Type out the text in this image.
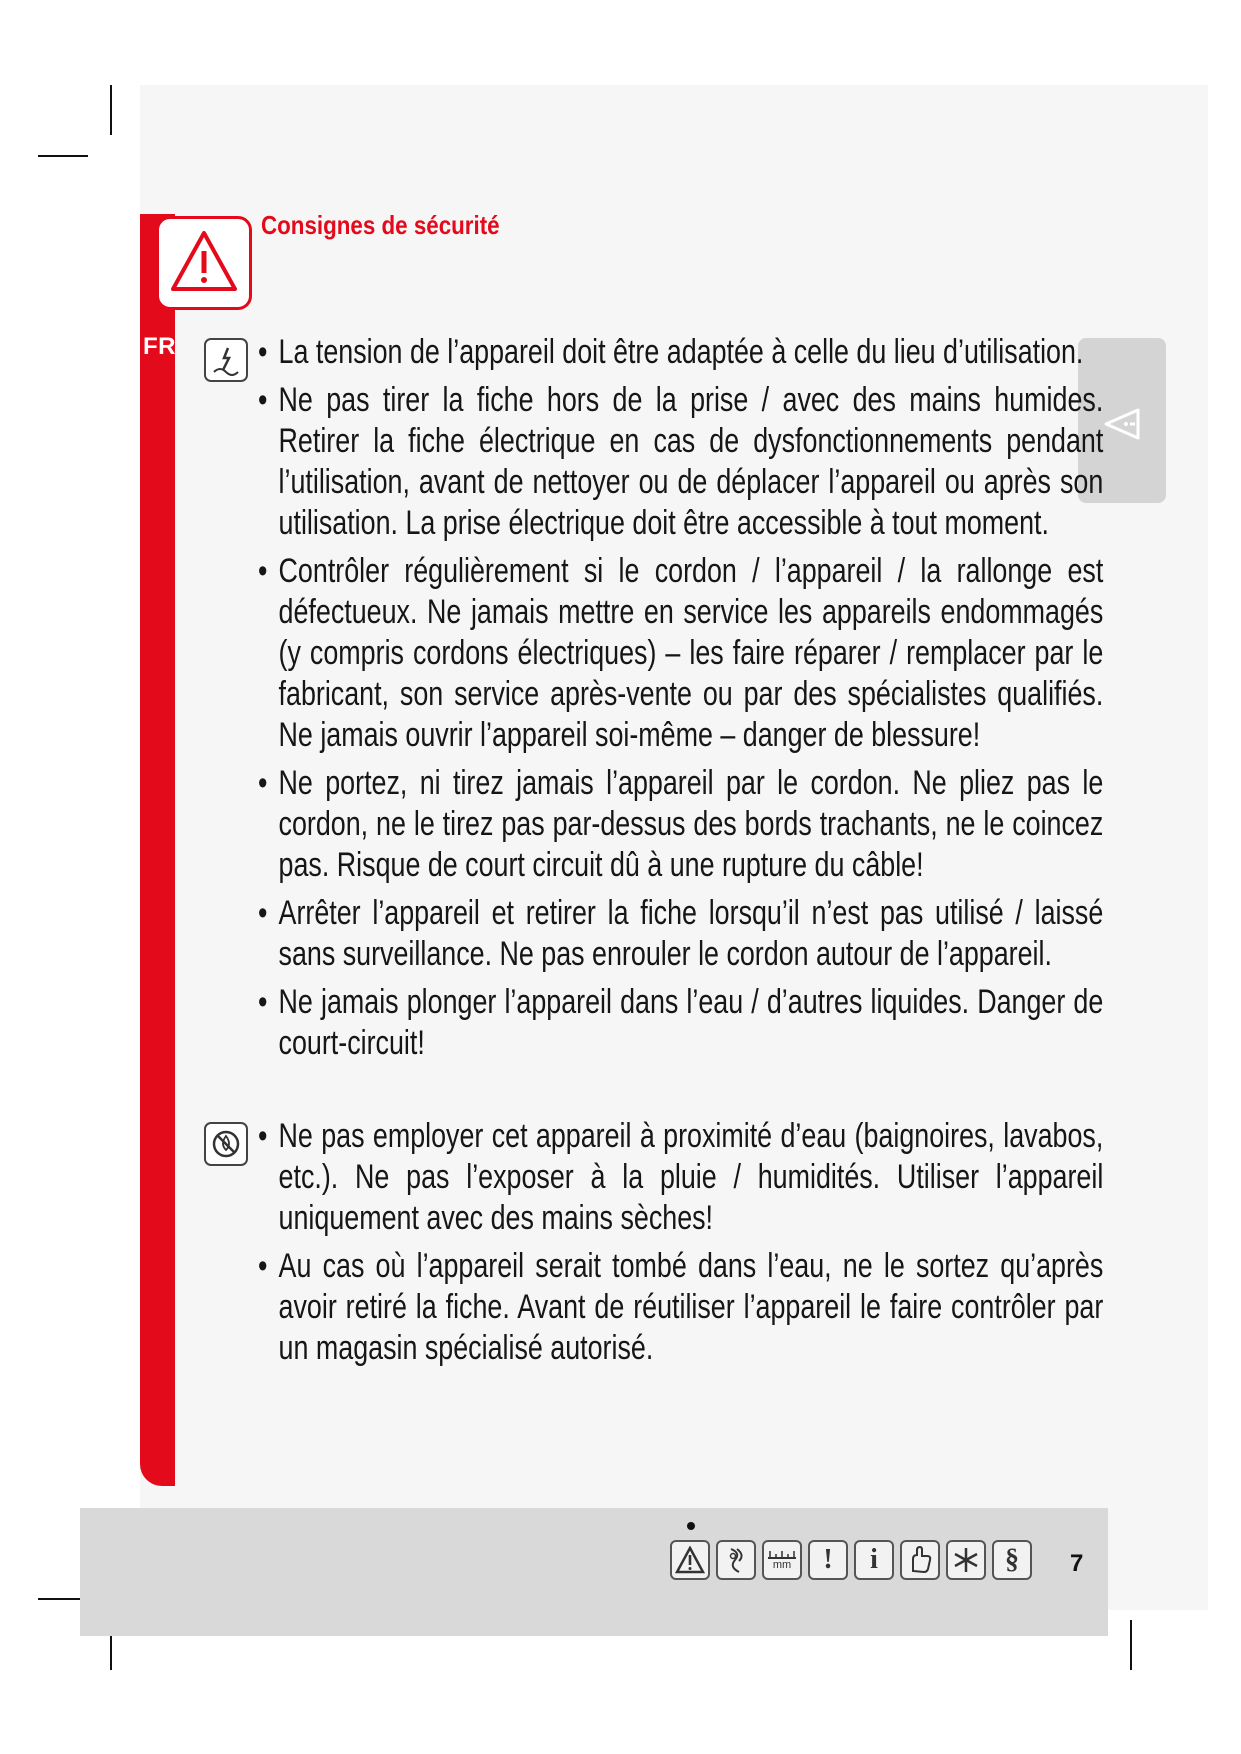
FR
Consignes de sécurité
• La tension de l’appareil doit être adaptée à celle du lieu d’utilisation.
• Ne pas tirer la fiche hors de la prise / avec des mains humides. Retirer la fiche électrique en cas de dysfonctionnements pendant l’utilisation, avant de nettoyer ou de déplacer l’appareil ou après son utilisation. La prise électrique doit être accessible à tout moment.
• Contrôler régulièrement si le cordon / l’appareil / la rallonge est défectueux. Ne jamais mettre en service les appareils endommagés (y compris cordons électriques) – les faire réparer / remplacer par le fabricant, son service après-vente ou par des spécialistes qualifiés. Ne jamais ouvrir l’appareil soi-même – danger de blessure!
• Ne portez, ni tirez jamais l’appareil par le cordon. Ne pliez pas le cordon, ne le tirez pas par-dessus des bords trachants, ne le coincez pas. Risque de court circuit dû à une rupture du câble!
• Arrêter l’appareil et retirer la fiche lorsqu’il n’est pas utilisé / laissé sans surveillance. Ne pas enrouler le cordon autour de l’appareil.
• Ne jamais plonger l’appareil dans l’eau / d’autres liquides. Danger de court-circuit!
• Ne pas employer cet appareil à proximité d’eau (baignoires, lavabos, etc.). Ne pas l’exposer à la pluie / humidités. Utiliser l’appareil uniquement avec des mains sèches!
• Au cas où l’appareil serait tombé dans l’eau, ne le sortez qu’après avoir retiré la fiche. Avant de réutiliser l’appareil le faire contrôler par un magasin spécialisé autorisé.
mm	!	i	§	7
